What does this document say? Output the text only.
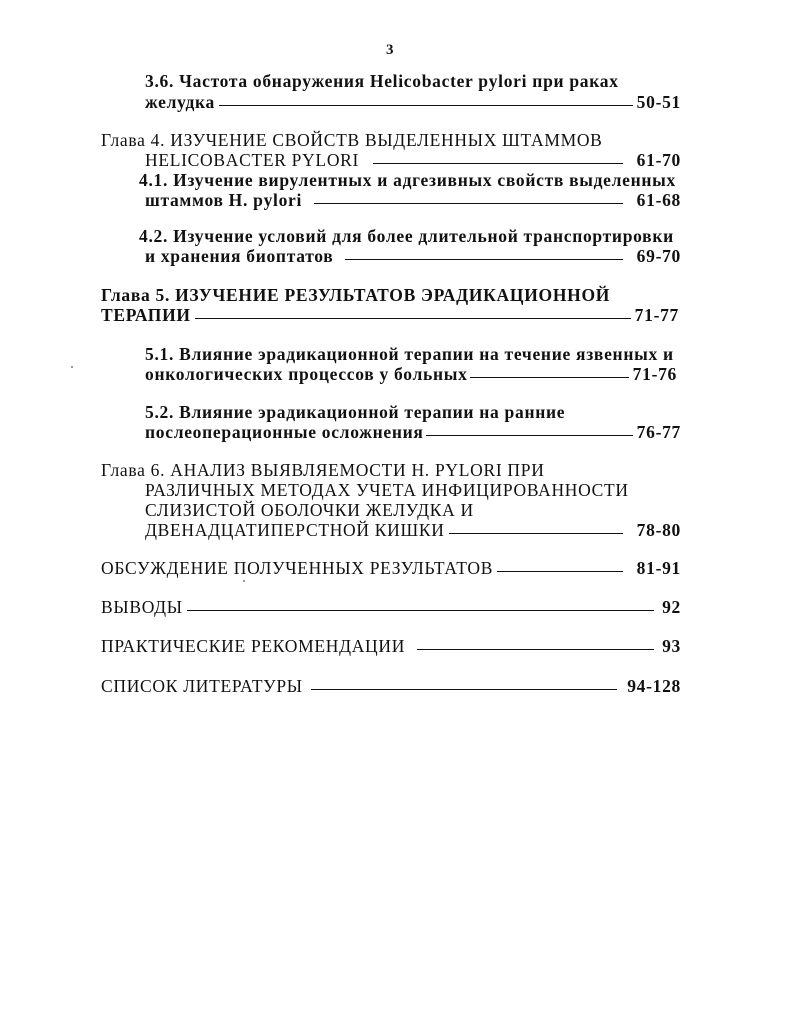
3
3.6. Частота обнаружения Helicobacter pylori при раках
желудка	50-51
Глава 4. ИЗУЧЕНИЕ СВОЙСТВ ВЫДЕЛЕННЫХ ШТАММОВ
HELICOBACTER PYLORI	61-70
4.1. Изучение вирулентных и адгезивных свойств выделенных
штаммов H. pylori	61-68
4.2. Изучение условий для более длительной транспортировки
и хранения биоптатов	69-70
Глава 5. ИЗУЧЕНИЕ РЕЗУЛЬТАТОВ ЭРАДИКАЦИОННОЙ
ТЕРАПИИ	71-77
5.1. Влияние эрадикационной терапии на течение язвенных и
онкологических процессов у больных	71-76
5.2. Влияние эрадикационной терапии на ранние
послеоперационные осложнения	76-77
Глава 6. АНАЛИЗ ВЫЯВЛЯЕМОСТИ H. PYLORI ПРИ
РАЗЛИЧНЫХ МЕТОДАХ УЧЕТА ИНФИЦИРОВАННОСТИ
СЛИЗИСТОЙ ОБОЛОЧКИ ЖЕЛУДКА И
ДВЕНАДЦАТИПЕРСТНОЙ КИШКИ	78-80
ОБСУЖДЕНИЕ ПОЛУЧЕННЫХ РЕЗУЛЬТАТОВ	81-91
ВЫВОДЫ	92
ПРАКТИЧЕСКИЕ РЕКОМЕНДАЦИИ	93
СПИСОК ЛИТЕРАТУРЫ	94-128
